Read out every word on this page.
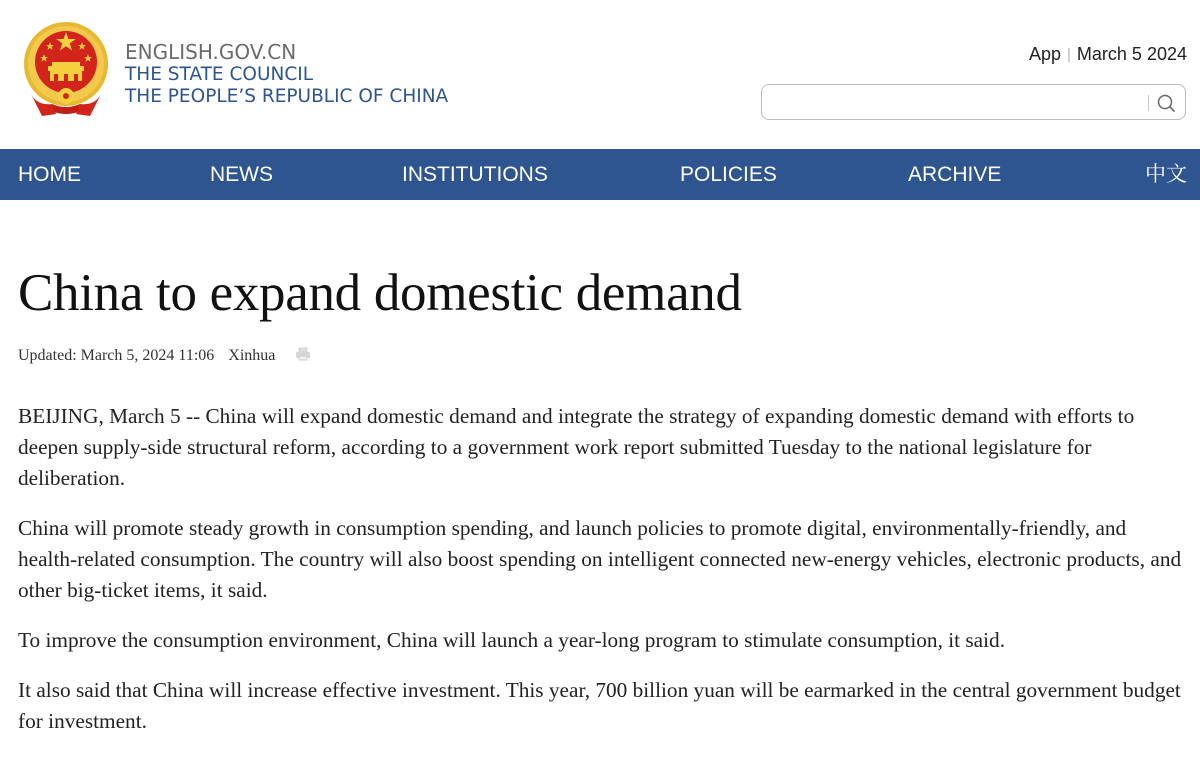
ENGLISH.GOV.CN
THE STATE COUNCIL
THE PEOPLE’S REPUBLIC OF CHINA
App | March 5 2024
HOME	NEWS	INSTITUTIONS	POLICIES	ARCHIVE	中文
China to expand domestic demand
Updated: March 5, 2024 11:06 Xinhua

BEIJING, March 5 -- China will expand domestic demand and integrate the strategy of expanding domestic demand with efforts to deepen supply-side structural reform, according to a government work report submitted Tuesday to the national legislature for deliberation.

China will promote steady growth in consumption spending, and launch policies to promote digital, environmentally-friendly, and health-related consumption. The country will also boost spending on intelligent connected new-energy vehicles, electronic products, and other big-ticket items, it said.

To improve the consumption environment, China will launch a year-long program to stimulate consumption, it said.

It also said that China will increase effective investment. This year, 700 billion yuan will be earmarked in the central government budget for investment.
